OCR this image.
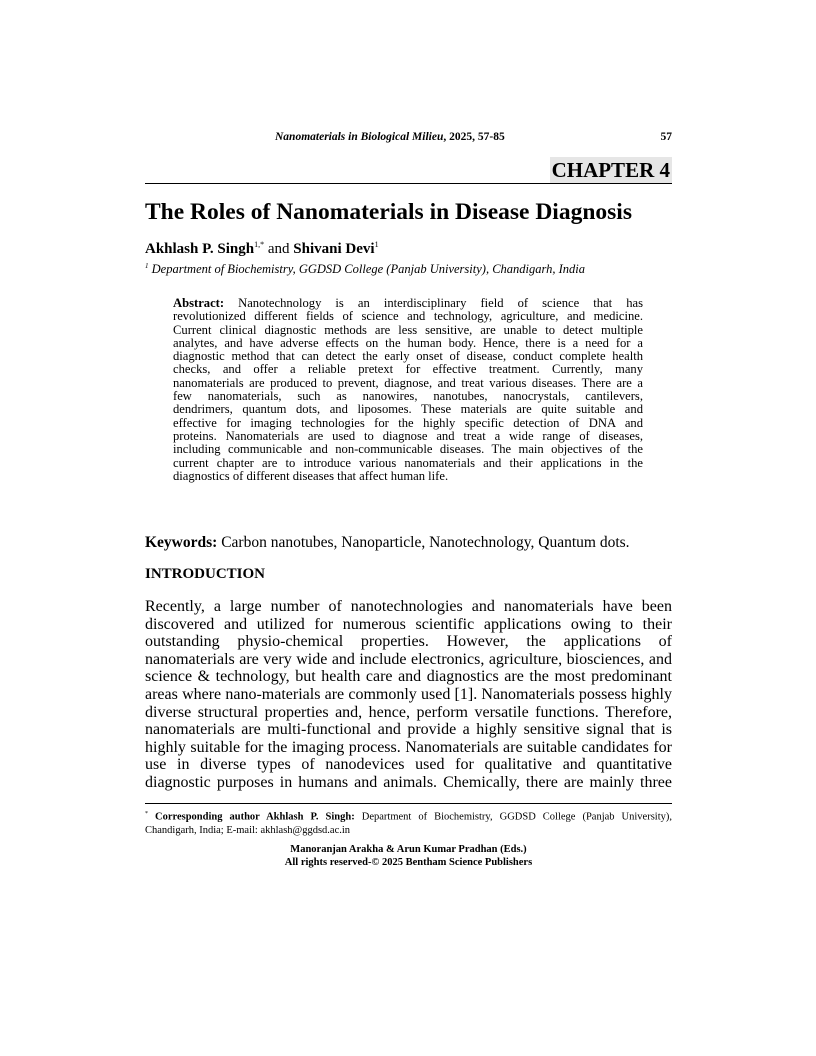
Nanomaterials in Biological Milieu, 2025, 57-85	57
CHAPTER 4
The Roles of Nanomaterials in Disease Diagnosis
Akhlash P. Singh$^{1,*}$ and Shivani Devi$^1$
$^1$ Department of Biochemistry, GGDSD College (Panjab University), Chandigarh, India
Abstract: Nanotechnology is an interdisciplinary field of science that has
revolutionized different fields of science and technology, agriculture, and medicine.
Current clinical diagnostic methods are less sensitive, are unable to detect multiple
analytes, and have adverse effects on the human body. Hence, there is a need for a
diagnostic method that can detect the early onset of disease, conduct complete health
checks, and offer a reliable pretext for effective treatment. Currently, many
nanomaterials are produced to prevent, diagnose, and treat various diseases. There are a
few nanomaterials, such as nanowires, nanotubes, nanocrystals, cantilevers,
dendrimers, quantum dots, and liposomes. These materials are quite suitable and
effective for imaging technologies for the highly specific detection of DNA and
proteins. Nanomaterials are used to diagnose and treat a wide range of diseases,
including communicable and non-communicable diseases. The main objectives of the
current chapter are to introduce various nanomaterials and their applications in the
diagnostics of different diseases that affect human life.
Keywords: Carbon nanotubes, Nanoparticle, Nanotechnology, Quantum dots.
INTRODUCTION
Recently, a large number of nanotechnologies and nanomaterials have been
discovered and utilized for numerous scientific applications owing to their
outstanding physio-chemical properties. However, the applications of
nanomaterials are very wide and include electronics, agriculture, biosciences, and
science & technology, but health care and diagnostics are the most predominant
areas where nano-materials are commonly used [1]. Nanomaterials possess highly
diverse structural properties and, hence, perform versatile functions. Therefore,
nanomaterials are multi-functional and provide a highly sensitive signal that is
highly suitable for the imaging process. Nanomaterials are suitable candidates for
use in diverse types of nanodevices used for qualitative and quantitative
diagnostic purposes in humans and animals. Chemically, there are mainly three
* Corresponding author Akhlash P. Singh: Department of Biochemistry, GGDSD College (Panjab University),
Chandigarh, India; E-mail: akhlash@ggdsd.ac.in
Manoranjan Arakha & Arun Kumar Pradhan (Eds.)
All rights reserved-© 2025 Bentham Science Publishers
